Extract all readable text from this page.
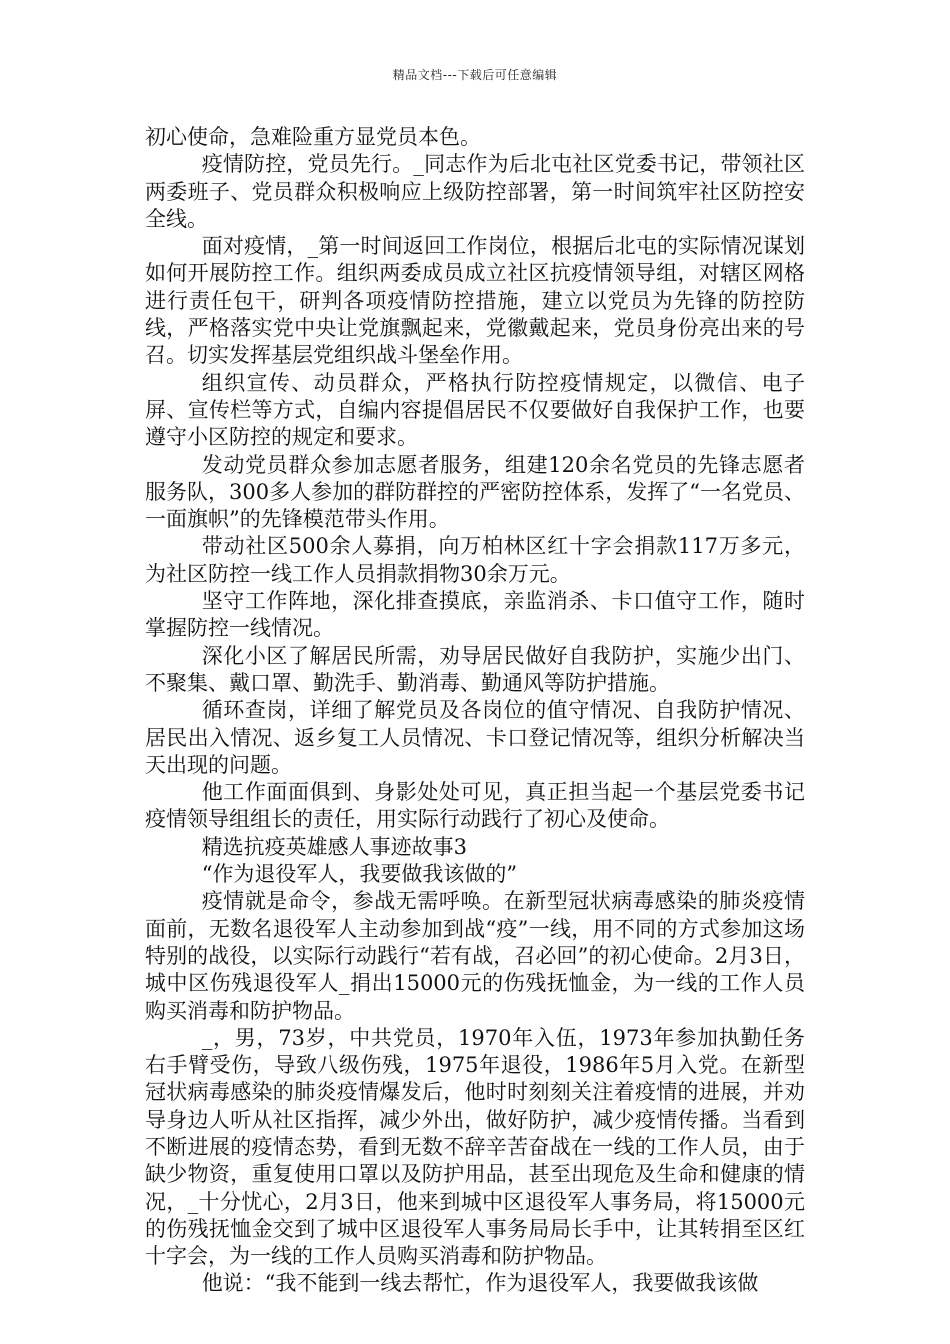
精品文档---下载后可任意编辑

初心使命，急难险重方显党员本色。

疫情防控，党员先行。_同志作为后北屯社区党委书记，带领社区两委班子、党员群众积极响应上级防控部署，第一时间筑牢社区防控安全线。

面对疫情，_第一时间返回工作岗位，根据后北屯的实际情况谋划如何开展防控工作。组织两委成员成立社区抗疫情领导组，对辖区网格进行责任包干，研判各项疫情防控措施，建立以党员为先锋的防控防线，严格落实党中央让党旗飘起来，党徽戴起来，党员身份亮出来的号召。切实发挥基层党组织战斗堡垒作用。

组织宣传、动员群众，严格执行防控疫情规定，以微信、电子屏、宣传栏等方式，自编内容提倡居民不仅要做好自我保护工作，也要遵守小区防控的规定和要求。

发动党员群众参加志愿者服务，组建120余名党员的先锋志愿者服务队，300多人参加的群防群控的严密防控体系，发挥了“一名党员、一面旗帜”的先锋模范带头作用。

带动社区500余人募捐，向万柏林区红十字会捐款117万多元，为社区防控一线工作人员捐款捐物30余万元。

坚守工作阵地，深化排查摸底，亲监消杀、卡口值守工作，随时掌握防控一线情况。

深化小区了解居民所需，劝导居民做好自我防护，实施少出门、不聚集、戴口罩、勤洗手、勤消毒、勤通风等防护措施。

循环查岗，详细了解党员及各岗位的值守情况、自我防护情况、居民出入情况、返乡复工人员情况、卡口登记情况等，组织分析解决当天出现的问题。

他工作面面俱到、身影处处可见，真正担当起一个基层党委书记疫情领导组组长的责任，用实际行动践行了初心及使命。

精选抗疫英雄感人事迹故事3

“作为退役军人，我要做我该做的”

疫情就是命令，参战无需呼唤。在新型冠状病毒感染的肺炎疫情面前，无数名退役军人主动参加到战“疫”一线，用不同的方式参加这场特别的战役，以实际行动践行“若有战，召必回”的初心使命。2月3日，城中区伤残退役军人_捐出15000元的伤残抚恤金，为一线的工作人员购买消毒和防护物品。

_，男，73岁，中共党员，1970年入伍，1973年参加执勤任务右手臂受伤，导致八级伤残，1975年退役，1986年5月入党。在新型冠状病毒感染的肺炎疫情爆发后，他时时刻刻关注着疫情的进展，并劝导身边人听从社区指挥，减少外出，做好防护，减少疫情传播。当看到不断进展的疫情态势，看到无数不辞辛苦奋战在一线的工作人员，由于缺少物资，重复使用口罩以及防护用品，甚至出现危及生命和健康的情况，_十分忧心，2月3日，他来到城中区退役军人事务局，将15000元的伤残抚恤金交到了城中区退役军人事务局局长手中，让其转捐至区红十字会，为一线的工作人员购买消毒和防护物品。

他说：“我不能到一线去帮忙，作为退役军人，我要做我该做
